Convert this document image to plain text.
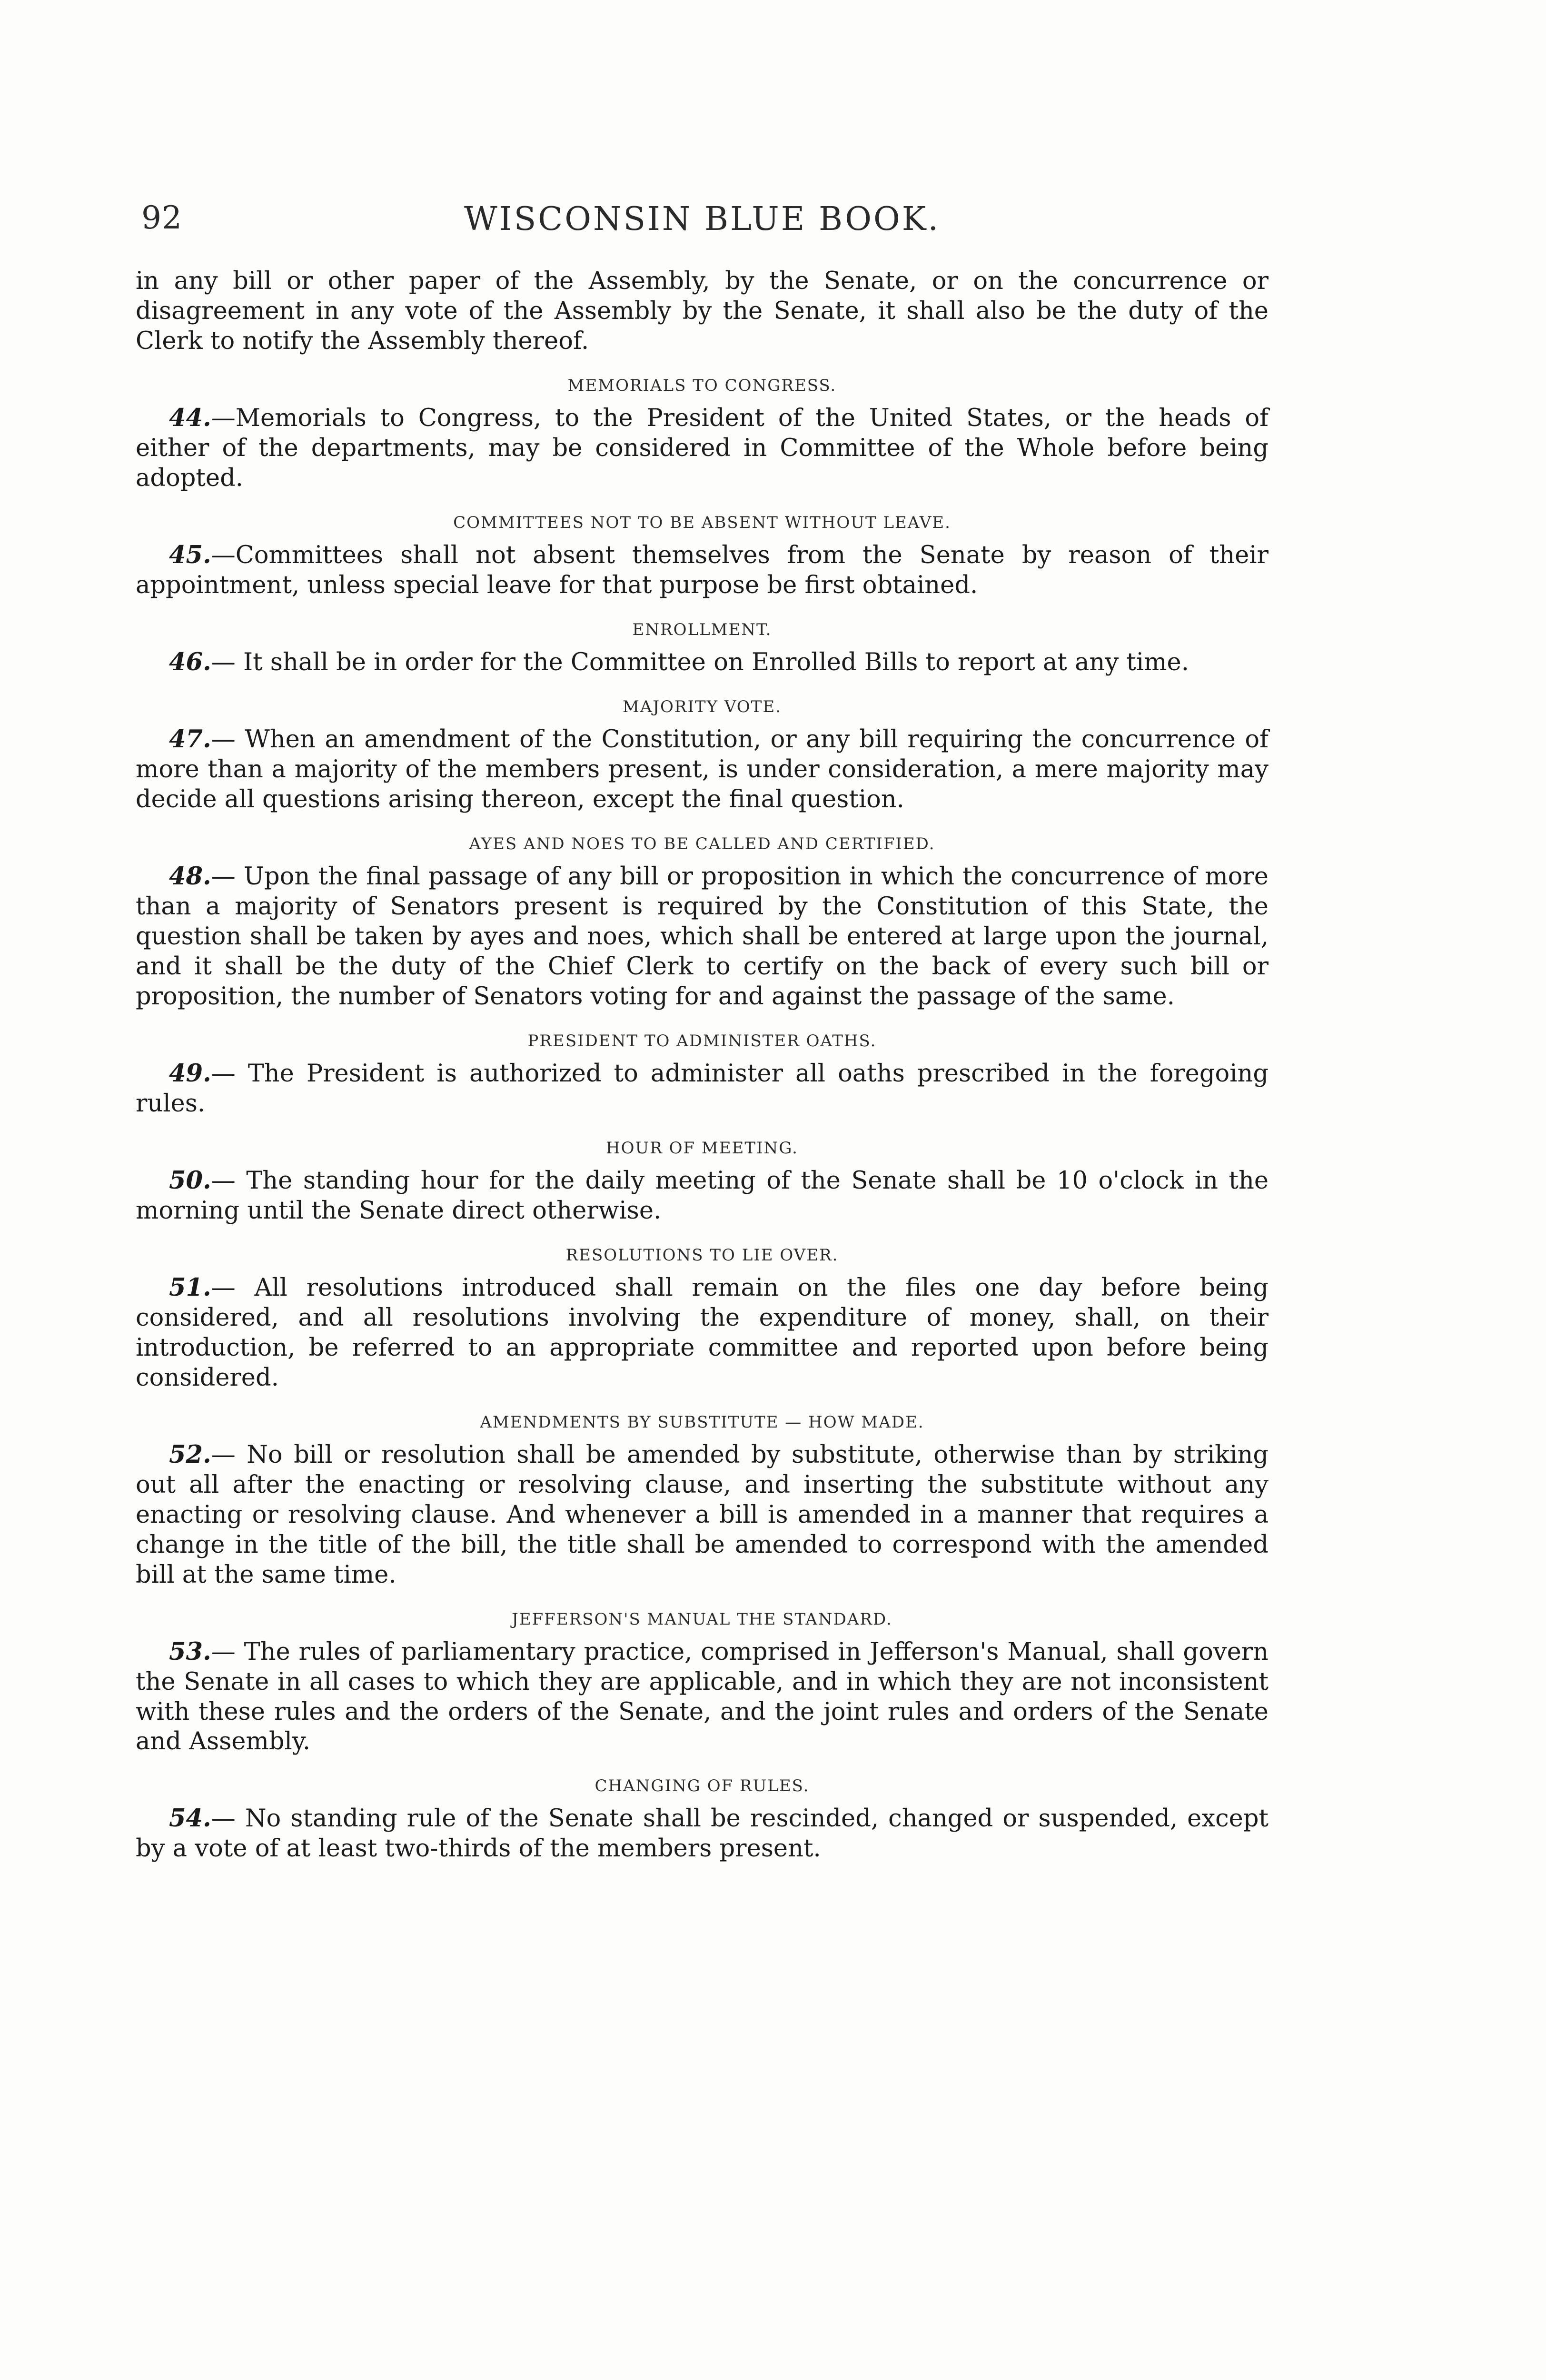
92	WISCONSIN BLUE BOOK.

in any bill or other paper of the Assembly, by the Senate, or on the concurrence or disagreement in any vote of the Assembly by the Senate, it shall also be the duty of the Clerk to notify the Assembly thereof.

MEMORIALS TO CONGRESS.

44.—Memorials to Congress, to the President of the United States, or the heads of either of the departments, may be considered in Committee of the Whole before being adopted.

COMMITTEES NOT TO BE ABSENT WITHOUT LEAVE.

45.—Committees shall not absent themselves from the Senate by reason of their appointment, unless special leave for that purpose be first obtained.

ENROLLMENT.

46.— It shall be in order for the Committee on Enrolled Bills to report at any time.

MAJORITY VOTE.

47.— When an amendment of the Constitution, or any bill requiring the concurrence of more than a majority of the members present, is under consideration, a mere majority may decide all questions arising thereon, except the final question.

AYES AND NOES TO BE CALLED AND CERTIFIED.

48.— Upon the final passage of any bill or proposition in which the concurrence of more than a majority of Senators present is required by the Constitution of this State, the question shall be taken by ayes and noes, which shall be entered at large upon the journal, and it shall be the duty of the Chief Clerk to certify on the back of every such bill or proposition, the number of Senators voting for and against the passage of the same.

PRESIDENT TO ADMINISTER OATHS.

49.— The President is authorized to administer all oaths prescribed in the foregoing rules.

HOUR OF MEETING.

50.— The standing hour for the daily meeting of the Senate shall be 10 o'clock in the morning until the Senate direct otherwise.

RESOLUTIONS TO LIE OVER.

51.— All resolutions introduced shall remain on the files one day before being considered, and all resolutions involving the expenditure of money, shall, on their introduction, be referred to an appropriate committee and reported upon before being considered.

AMENDMENTS BY SUBSTITUTE — HOW MADE.

52.— No bill or resolution shall be amended by substitute, otherwise than by striking out all after the enacting or resolving clause, and inserting the substitute without any enacting or resolving clause. And whenever a bill is amended in a manner that requires a change in the title of the bill, the title shall be amended to correspond with the amended bill at the same time.

JEFFERSON'S MANUAL THE STANDARD.

53.— The rules of parliamentary practice, comprised in Jefferson's Manual, shall govern the Senate in all cases to which they are applicable, and in which they are not inconsistent with these rules and the orders of the Senate, and the joint rules and orders of the Senate and Assembly.

CHANGING OF RULES.

54.— No standing rule of the Senate shall be rescinded, changed or suspended, except by a vote of at least two-thirds of the members present.
